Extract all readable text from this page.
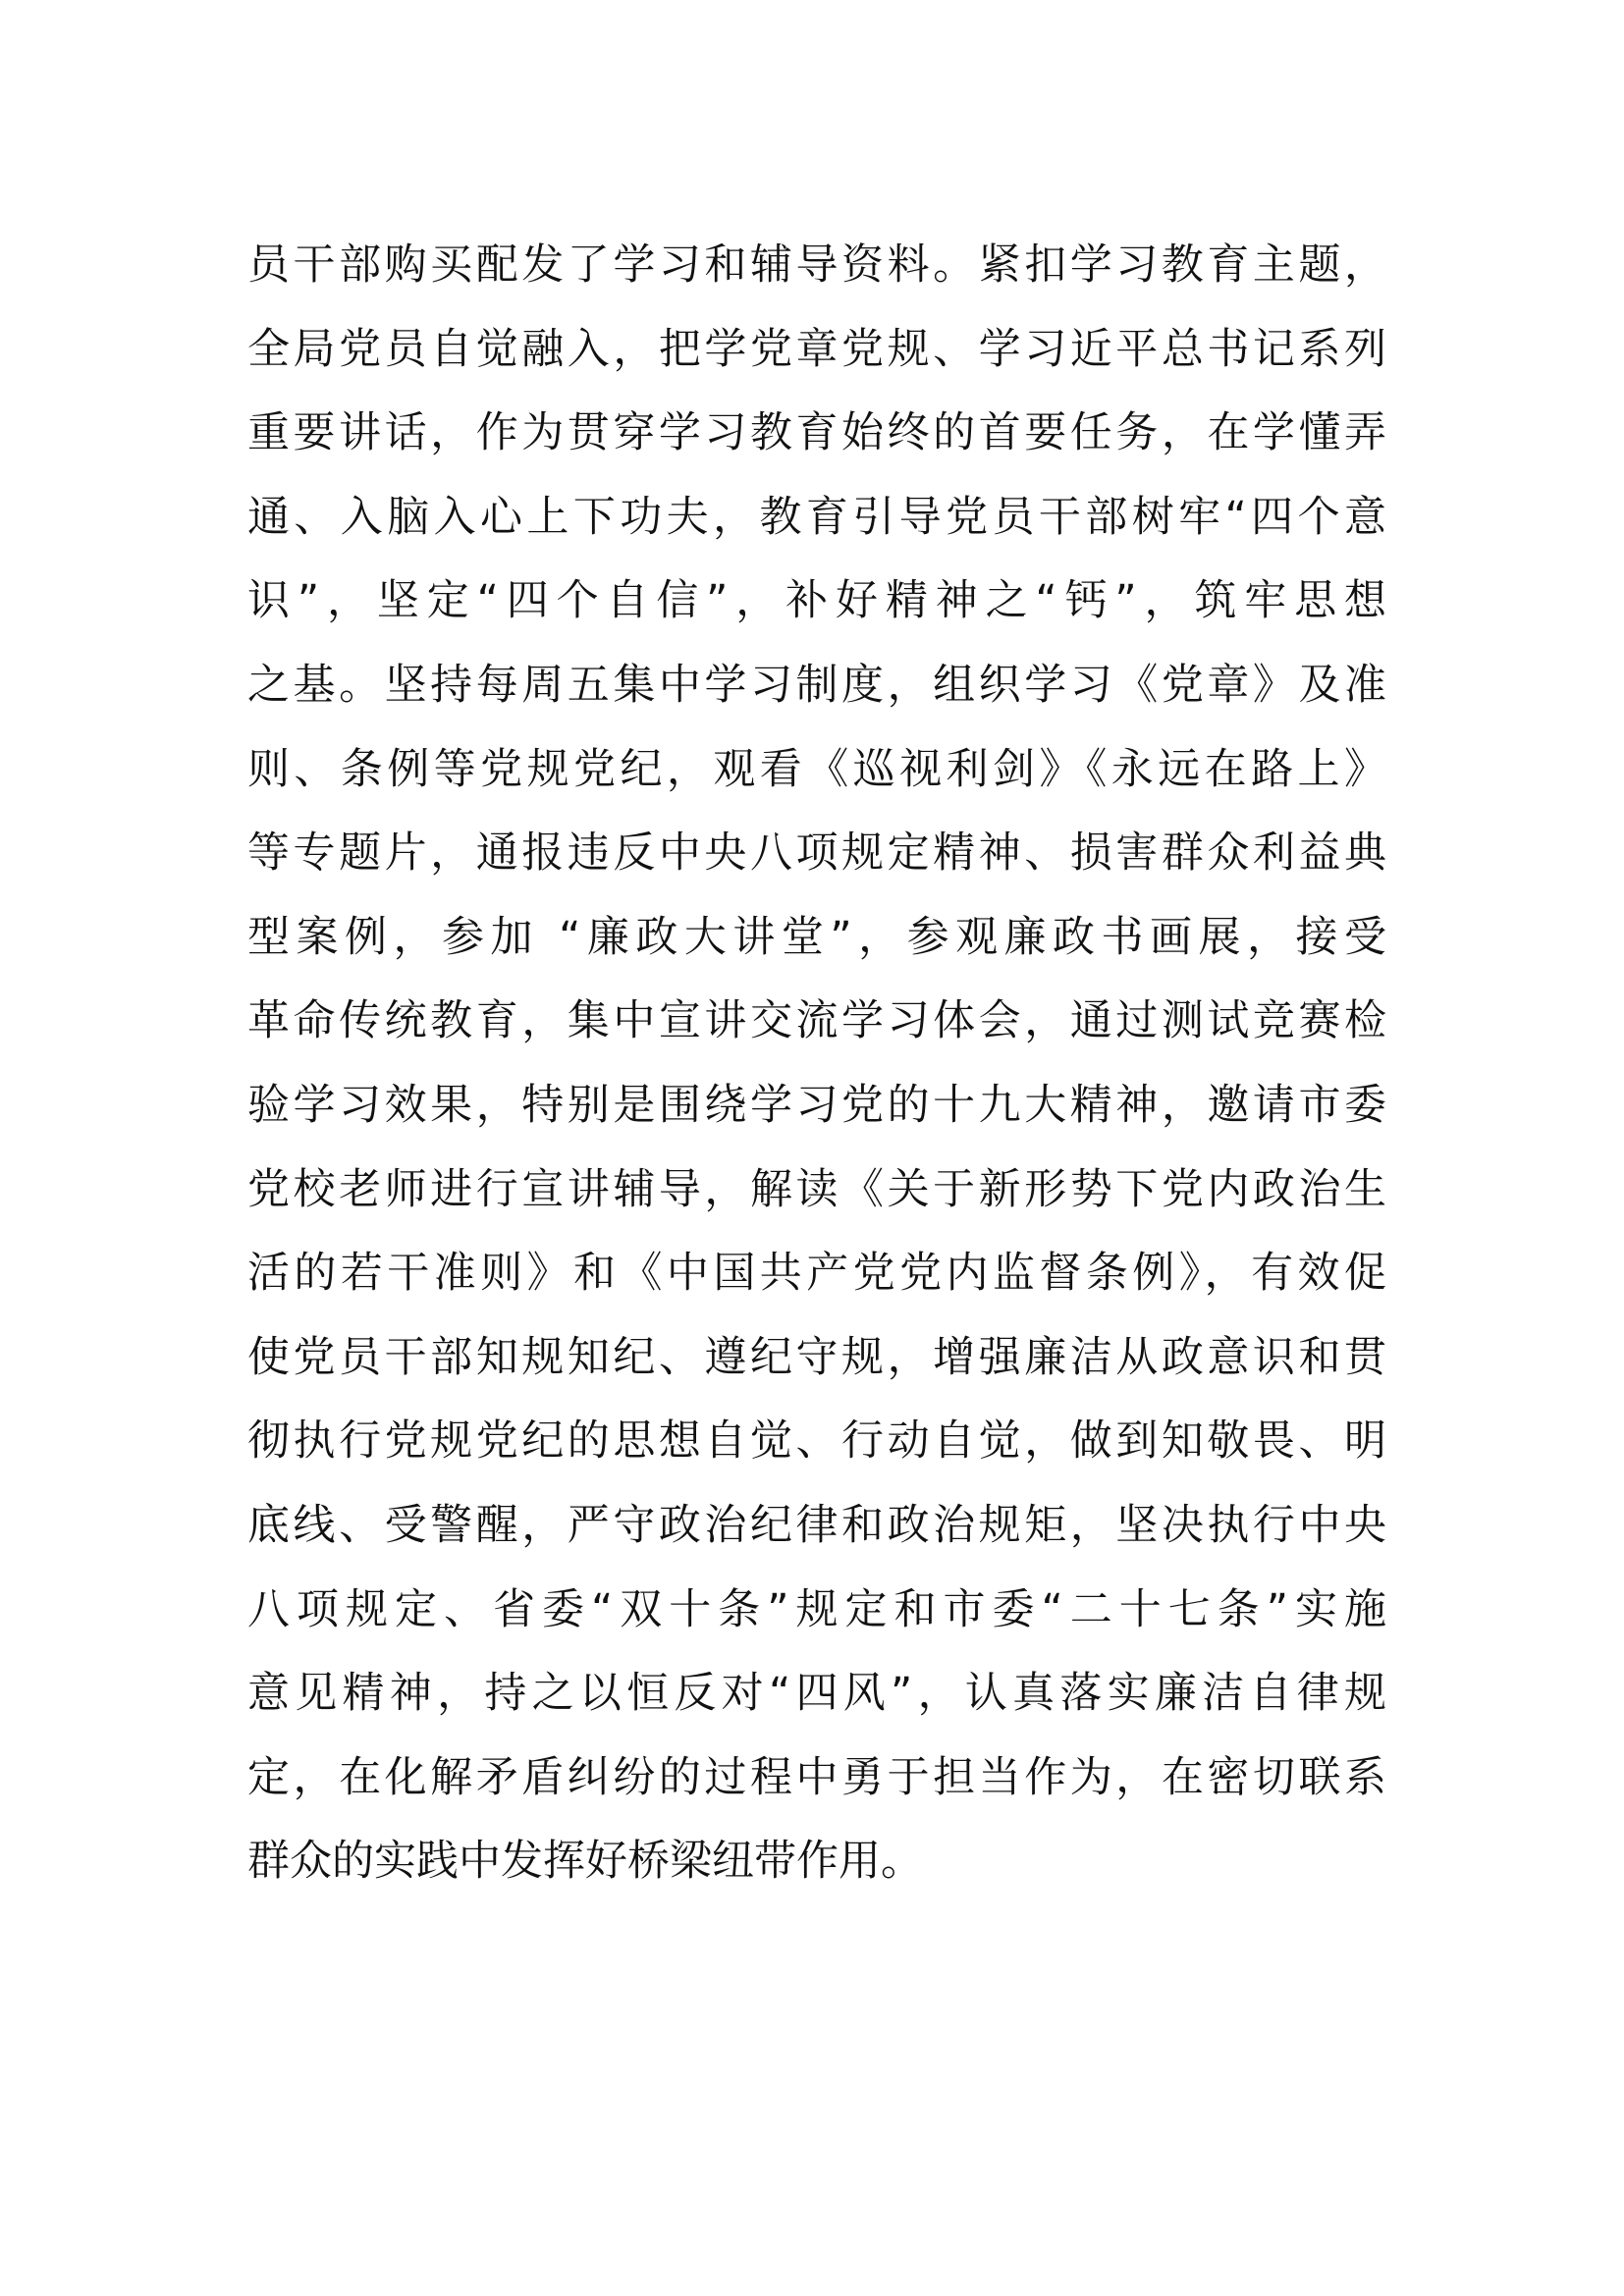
员干部购买配发了学习和辅导资料。紧扣学习教育主题，
全局党员自觉融入，把学党章党规、学习近平总书记系列
重要讲话，作为贯穿学习教育始终的首要任务，在学懂弄
通、入脑入心上下功夫，教育引导党员干部树牢“四个意
识”，坚定“四个自信”，补好精神之“钙”，筑牢思想
之基。坚持每周五集中学习制度，组织学习《党章》及准
则、条例等党规党纪，观看《巡视利剑》《永远在路上》
等专题片，通报违反中央八项规定精神、损害群众利益典
型案例，参加 “廉政大讲堂”，参观廉政书画展，接受
革命传统教育，集中宣讲交流学习体会，通过测试竞赛检
验学习效果，特别是围绕学习党的十九大精神，邀请市委
党校老师进行宣讲辅导，解读《关于新形势下党内政治生
活的若干准则》和《中国共产党党内监督条例》，有效促
使党员干部知规知纪、遵纪守规，增强廉洁从政意识和贯
彻执行党规党纪的思想自觉、行动自觉，做到知敬畏、明
底线、受警醒，严守政治纪律和政治规矩，坚决执行中央
八项规定、省委“双十条”规定和市委“二十七条”实施
意见精神，持之以恒反对“四风”，认真落实廉洁自律规
定，在化解矛盾纠纷的过程中勇于担当作为，在密切联系
群众的实践中发挥好桥梁纽带作用。
